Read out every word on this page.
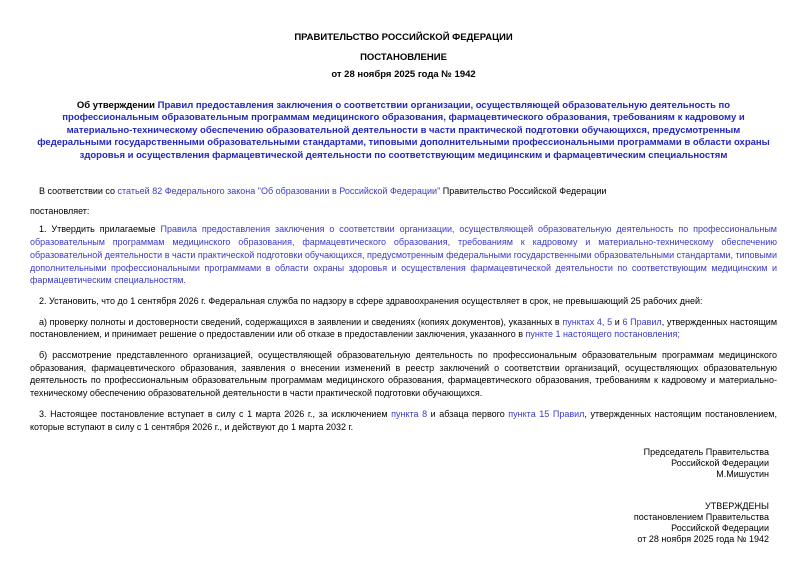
ПРАВИТЕЛЬСТВО РОССИЙСКОЙ ФЕДЕРАЦИИ
ПОСТАНОВЛЕНИЕ
от 28 ноября 2025 года № 1942

Об утверждении Правил предоставления заключения о соответствии организации, осуществляющей образовательную деятельность по профессиональным образовательным программам медицинского образования, фармацевтического образования, требованиям к кадровому и материально-техническому обеспечению образовательной деятельности в части практической подготовки обучающихся, предусмотренным федеральными государственными образовательными стандартами, типовыми дополнительными профессиональными программами в области охраны здоровья и осуществления фармацевтической деятельности по соответствующим медицинским и фармацевтическим специальностям

В соответствии со статьей 82 Федерального закона "Об образовании в Российской Федерации" Правительство Российской Федерации

постановляет:

1. Утвердить прилагаемые Правила предоставления заключения о соответствии организации, осуществляющей образовательную деятельность по профессиональным образовательным программам медицинского образования, фармацевтического образования, требованиям к кадровому и материально-техническому обеспечению образовательной деятельности в части практической подготовки обучающихся, предусмотренным федеральными государственными образовательными стандартами, типовыми дополнительными профессиональными программами в области охраны здоровья и осуществления фармацевтической деятельности по соответствующим медицинским и фармацевтическим специальностям.

2. Установить, что до 1 сентября 2026 г. Федеральная служба по надзору в сфере здравоохранения осуществляет в срок, не превышающий 25 рабочих дней:

а) проверку полноты и достоверности сведений, содержащихся в заявлении и сведениях (копиях документов), указанных в пунктах 4, 5 и 6 Правил, утвержденных настоящим постановлением, и принимает решение о предоставлении или об отказе в предоставлении заключения, указанного в пункте 1 настоящего постановления;

б) рассмотрение представленного организацией, осуществляющей образовательную деятельность по профессиональным образовательным программам медицинского образования, фармацевтического образования, заявления о внесении изменений в реестр заключений о соответствии организаций, осуществляющих образовательную деятельность по профессиональным образовательным программам медицинского образования, фармацевтического образования, требованиям к кадровому и материально-техническому обеспечению образовательной деятельности в части практической подготовки обучающихся.

3. Настоящее постановление вступает в силу с 1 марта 2026 г., за исключением пункта 8 и абзаца первого пункта 15 Правил, утвержденных настоящим постановлением, которые вступают в силу с 1 сентября 2026 г., и действуют до 1 марта 2032 г.

Председатель Правительства
Российской Федерации
М.Мишустин
УТВЕРЖДЕНЫ
постановлением Правительства
Российской Федерации
от 28 ноября 2025 года № 1942
